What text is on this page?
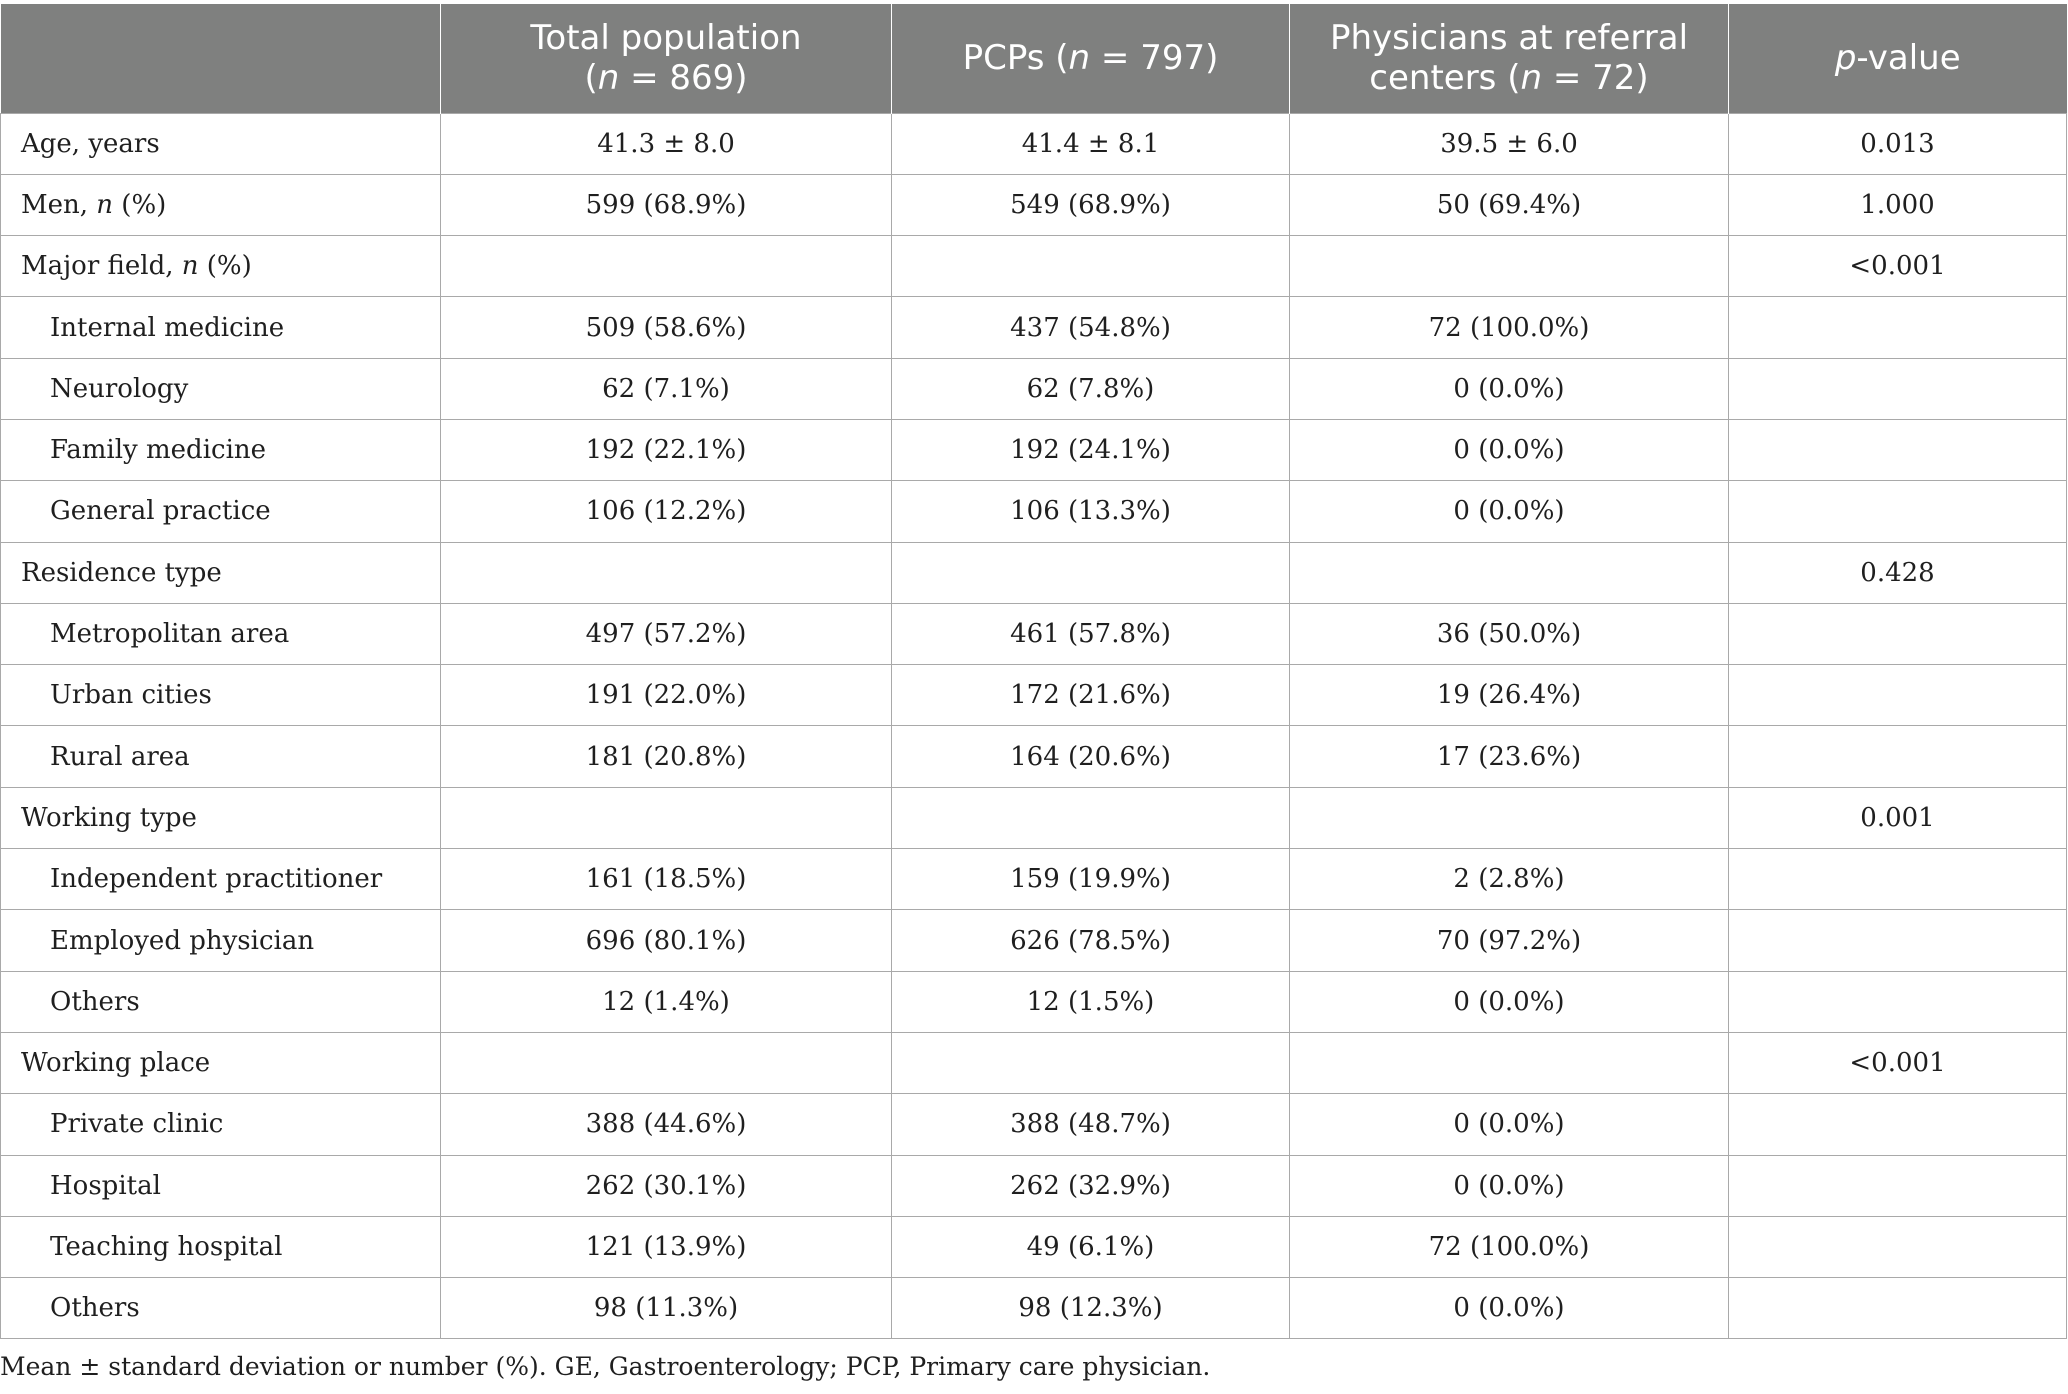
	Total population
(n = 869)	PCPs (n = 797)	Physicians at referral
centers (n = 72)	p-value
Age, years	41.3 ± 8.0	41.4 ± 8.1	39.5 ± 6.0	0.013
Men, n (%)	599 (68.9%)	549 (68.9%)	50 (69.4%)	1.000
Major field, n (%)				<0.001
Internal medicine	509 (58.6%)	437 (54.8%)	72 (100.0%)	
Neurology	62 (7.1%)	62 (7.8%)	0 (0.0%)	
Family medicine	192 (22.1%)	192 (24.1%)	0 (0.0%)	
General practice	106 (12.2%)	106 (13.3%)	0 (0.0%)	
Residence type				0.428
Metropolitan area	497 (57.2%)	461 (57.8%)	36 (50.0%)	
Urban cities	191 (22.0%)	172 (21.6%)	19 (26.4%)	
Rural area	181 (20.8%)	164 (20.6%)	17 (23.6%)	
Working type				0.001
Independent practitioner	161 (18.5%)	159 (19.9%)	2 (2.8%)	
Employed physician	696 (80.1%)	626 (78.5%)	70 (97.2%)	
Others	12 (1.4%)	12 (1.5%)	0 (0.0%)	
Working place				<0.001
Private clinic	388 (44.6%)	388 (48.7%)	0 (0.0%)	
Hospital	262 (30.1%)	262 (32.9%)	0 (0.0%)	
Teaching hospital	121 (13.9%)	49 (6.1%)	72 (100.0%)	
Others	98 (11.3%)	98 (12.3%)	0 (0.0%)	
Mean ± standard deviation or number (%). GE, Gastroenterology; PCP, Primary care physician.
